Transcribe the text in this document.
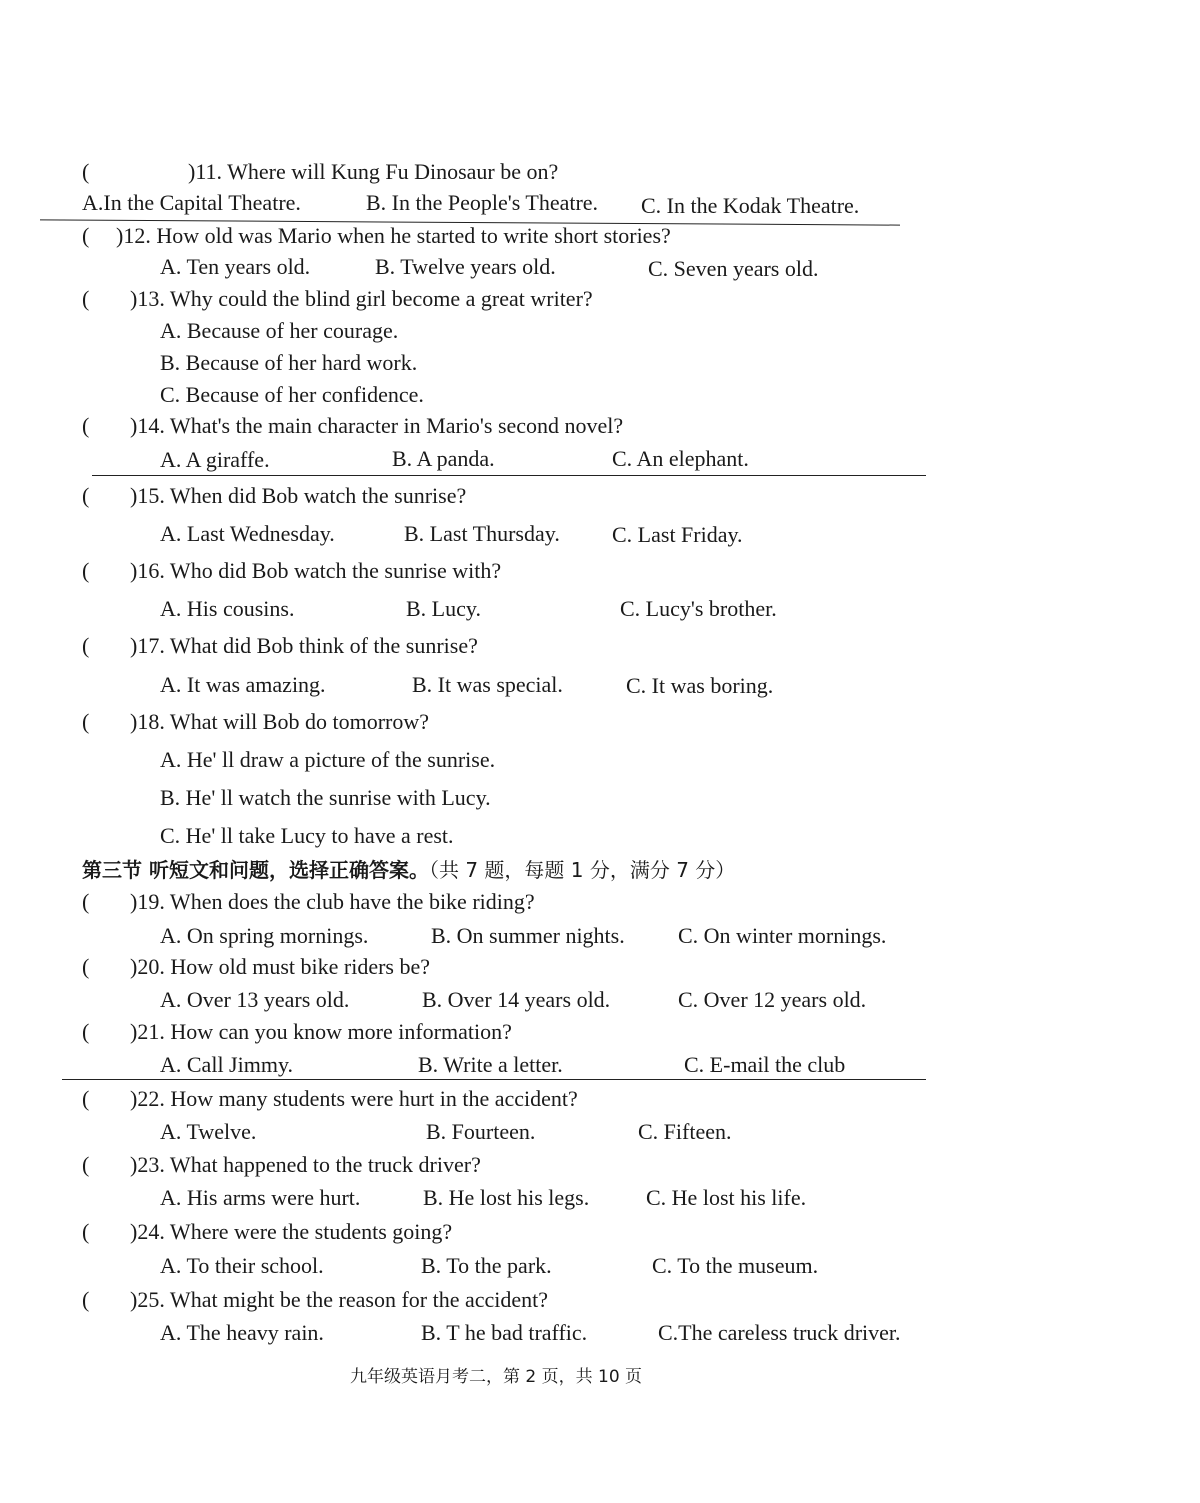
(	)11. Where will Kung Fu Dinosaur be on?
A.In the Capital Theatre.	B. In the People's Theatre. C. In the Kodak Theatre.
( )12. How old was Mario when he started to write short stories?
A. Ten years old.	B. Twelve years old.	C. Seven years old.
( )13. Why could the blind girl become a great writer?
A. Because of her courage.
B. Because of her hard work.
C. Because of her confidence.
( )14. What's the main character in Mario's second novel?
A. A giraffe.	B. A panda.	C. An elephant.
( )15. When did Bob watch the sunrise?
A. Last Wednesday.	B. Last Thursday. C. Last Friday.
( )16. Who did Bob watch the sunrise with?
A. His cousins.	B. Lucy.	C. Lucy's brother.
( )17. What did Bob think of the sunrise?
A. It was amazing.	B. It was special.	C. It was boring.
( )18. What will Bob do tomorrow?
A. He' ll draw a picture of the sunrise.
B. He' ll watch the sunrise with Lucy.
C. He' ll take Lucy to have a rest.
第三节 听短文和问题，选择正确答案。（共 7 题，每题 1 分，满分 7 分）
( )19. When does the club have the bike riding?
A. On spring mornings.	B. On summer nights. C. On winter mornings.
( )20. How old must bike riders be?
A. Over 13 years old.	B. Over 14 years old.	C. Over 12 years old.
( )21. How can you know more information?
A. Call Jimmy.	B. Write a letter.	C. E-mail the club
( )22. How many students were hurt in the accident?
A. Twelve.	B. Fourteen.	C. Fifteen.
( )23. What happened to the truck driver?
A. His arms were hurt.	B. He lost his legs.	C. He lost his life.
( )24. Where were the students going?
A. To their school.	B. To the park.	C. To the museum.
( )25. What might be the reason for the accident?
A. The heavy rain.	B. T he bad traffic.	C.The careless truck driver.
九年级英语月考二，第 2 页，共 10 页
